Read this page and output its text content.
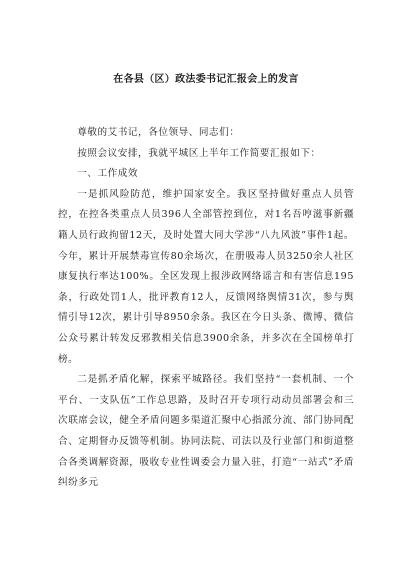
在各县（区）政法委书记汇报会上的发言

尊敬的艾书记，各位领导、同志们：

按照会议安排，我就平城区上半年工作简要汇报如下：

一、工作成效

一是抓风险防范，维护国家安全。我区坚持做好重点人员管控，在控各类重点人员396人全部管控到位，对1名吾哼滋事新疆籍人员行政拘留12天，及时处置大同大学涉“八九风波”事件1起。今年，累计开展禁毒宣传80余场次，在册吸毒人员3250余人社区康复执行率达100%。全区发现上报涉政网络谣言和有害信息195条，行政处罚1人，批评教育12人，反馈网络舆情31次，参与舆情引导12次，累计引导8950余条。我区在今日头条、微博、微信公众号累计转发反邪教相关信息3900余条，并多次在全国榜单打榜。

二是抓矛盾化解，探索平城路径。我们坚持“一套机制、一个平台、一支队伍”工作总思路，及时召开专项行动动员部署会和三次联席会议，健全矛盾问题多渠道汇聚中心指派分流、部门协同配合、定期督办反馈等机制。协同法院、司法以及行业部门和街道整合各类调解资源，吸收专业性调委会力量入驻，打造“一站式”矛盾纠纷多元
